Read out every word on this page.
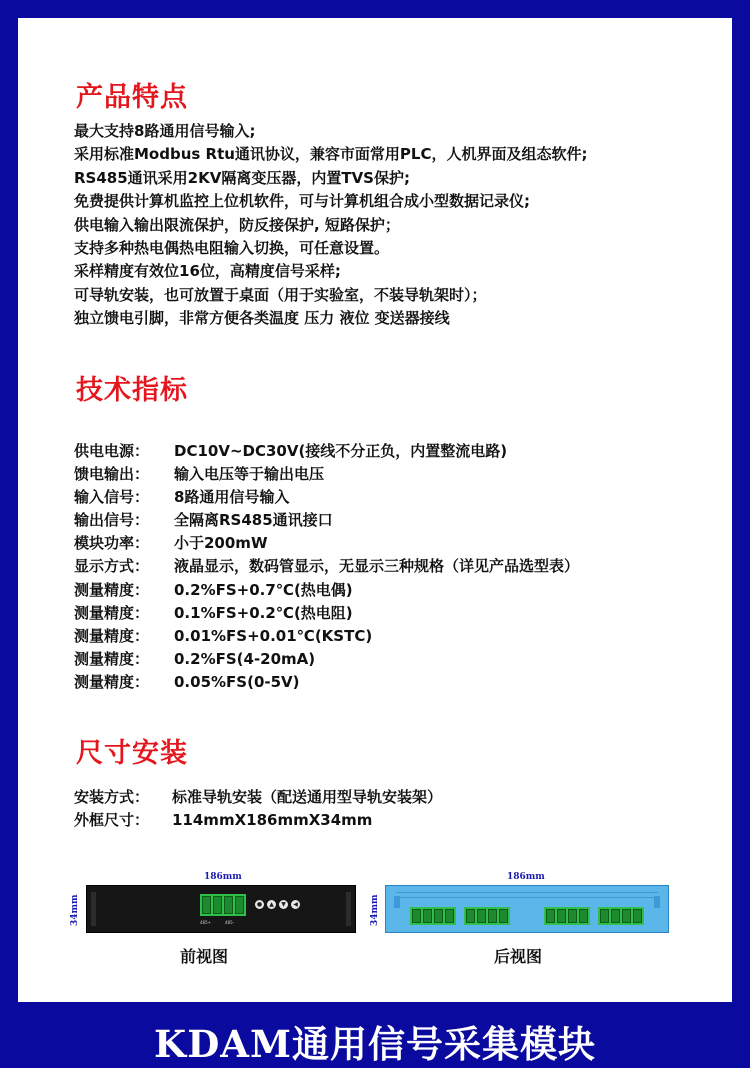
产品特点
最大支持8路通用信号输入;
采用标准Modbus Rtu通讯协议，兼容市面常用PLC，人机界面及组态软件;
RS485通讯采用2KV隔离变压器，内置TVS保护;
免费提供计算机监控上位机软件，可与计算机组合成小型数据记录仪;
供电输入输出限流保护，防反接保护, 短路保护；
支持多种热电偶热电阻输入切换，可任意设置。
采样精度有效位16位，高精度信号采样;
可导轨安装，也可放置于桌面（用于实验室，不装导轨架时）；
独立馈电引脚，非常方便各类温度 压力 液位 变送器接线
技术指标
供电电源： DC10V~DC30V(接线不分正负，内置整流电路)
馈电输出： 输入电压等于输出电压
输入信号： 8路通用信号输入
输出信号： 全隔离RS485通讯接口
模块功率： 小于200mW
显示方式： 液晶显示，数码管显示，无显示三种规格（详见产品选型表）
测量精度： 0.2%FS+0.7℃(热电偶)
测量精度： 0.1%FS+0.2℃(热电阻)
测量精度： 0.01%FS+0.01℃(KSTC)
测量精度： 0.2%FS(4-20mA)
测量精度： 0.05%FS(0-5V)
尺寸安装
安装方式： 标准导轨安装（配送通用型导轨安装架）
外框尺寸： 114mmX186mmX34mm
186mm
34mm	485+	485-
●	▲	▼	◀
前视图
186mm
34mm
后视图
KDAM通用信号采集模块
